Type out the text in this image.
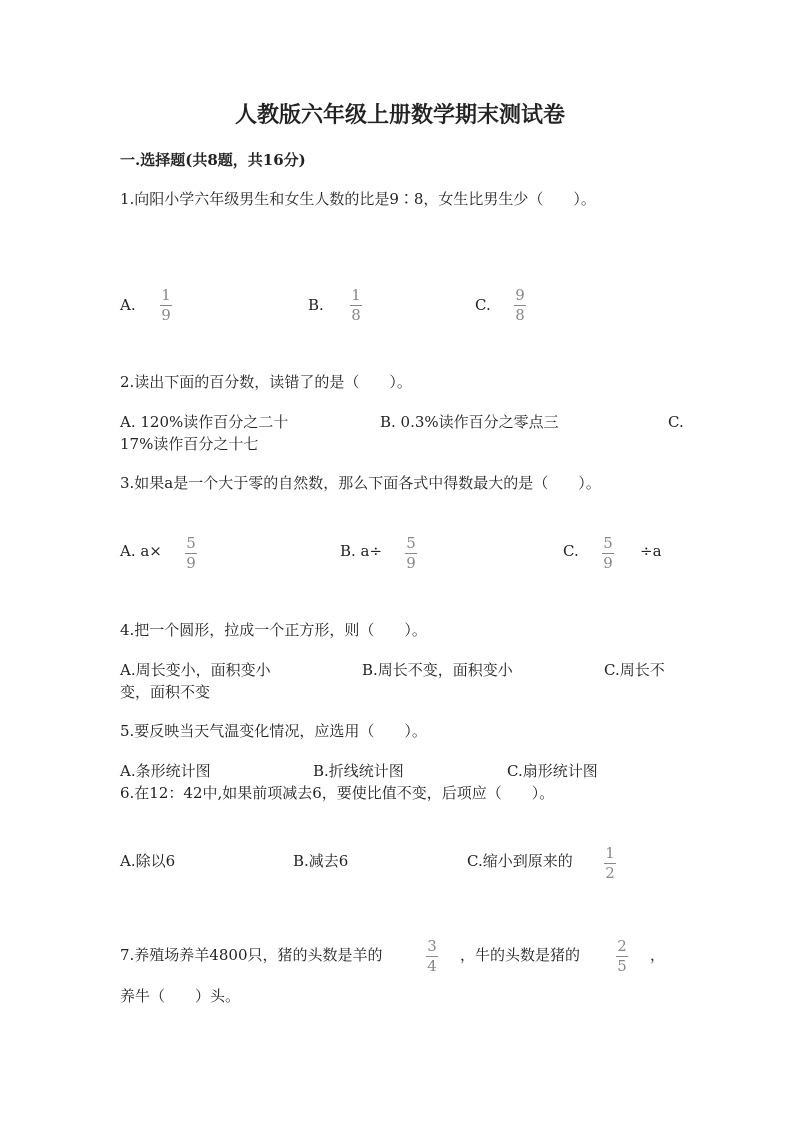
人教版六年级上册数学期末测试卷
一.选择题(共8题，共16分)
1.向阳小学六年级男生和女生人数的比是9∶8，女生比男生少（　　）。
A.
1
9
B.
1
8
C.
9
8
2.读出下面的百分数，读错了的是（　　）。
A. 120%读作百分之二十	B. 0.3%读作百分之零点三	C.
17%读作百分之十七
3.如果a是一个大于零的自然数，那么下面各式中得数最大的是（　　）。
A. a× 5
9
B. a÷ 5
9
C. 5
9
÷a
4.把一个圆形，拉成一个正方形，则（　　）。
A.周长变小，面积变小	B.周长不变，面积变小	C.周长不
变，面积不变
5.要反映当天气温变化情况，应选用（　　）。
A.条形统计图	B.折线统计图	C.扇形统计图
6.在12：42中,如果前项减去6，要使比值不变，后项应（　　）。
A.除以6	B.减去6	C.缩小到原来的 1
2
7.养殖场养羊4800只，猪的头数是羊的	3
4
，牛的头数是猪的 2
5
，
养牛（　　）头。
